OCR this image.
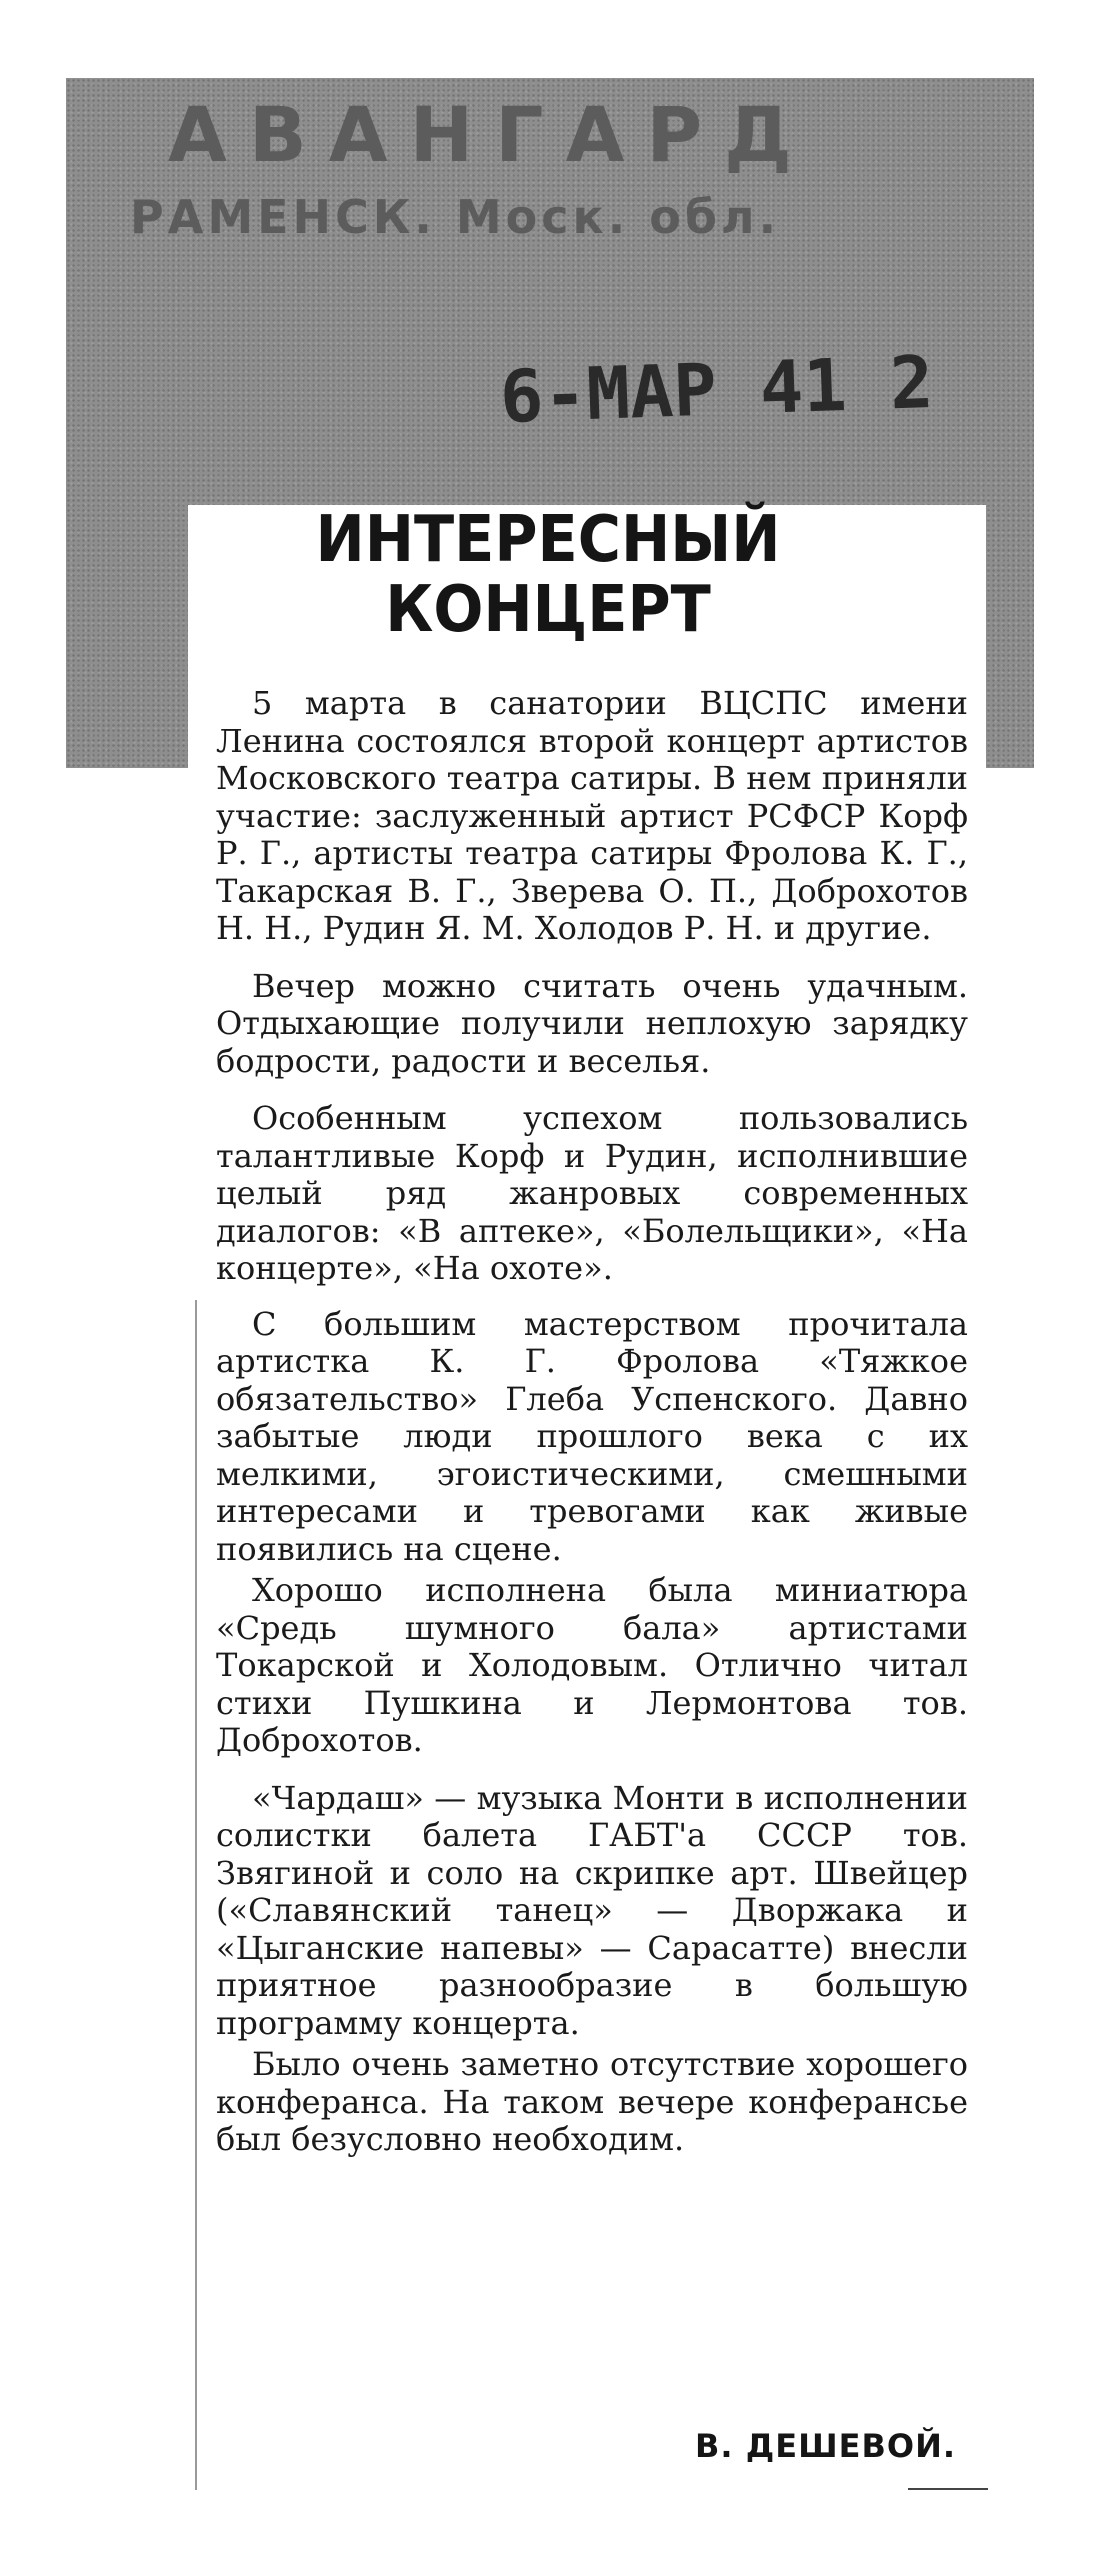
АВАНГАРД
РАМЕНСК. Моск. обл.
6-МАР 41 2
ИНТЕРЕСНЫЙ
КОНЦЕРТ

5 марта в санатории ВЦСПС имени Ленина состоялся второй концерт артистов Московского театра сатиры. В нем приняли участие: заслуженный артист РСФСР Корф Р. Г., артисты театра сатиры Фролова К. Г., Такарская В. Г., Зверева О. П., Доброхотов Н. Н., Рудин Я. М. Холодов Р. Н. и другие.

Вечер можно считать очень удачным. Отдыхающие получили неплохую зарядку бодрости, радости и веселья.

Особенным успехом пользовались талантливые Корф и Рудин, исполнившие целый ряд жанровых современных диалогов: «В аптеке», «Болельщики», «На концерте», «На охоте».

С большим мастерством прочитала артистка К. Г. Фролова «Тяжкое обязательство» Глеба Успенского. Давно забытые люди прошлого века с их мелкими, эгоистическими, смешными интересами и тревогами как живые появились на сцене.

Хорошо исполнена была миниатюра «Средь шумного бала» артистами Токарской и Холодовым. Отлично читал стихи Пушкина и Лермонтова тов. Доброхотов.

«Чардаш» — музыка Монти в исполнении солистки балета ГАБТ'а СССР тов. Звягиной и соло на скрипке арт. Швейцер («Славянский танец» — Дворжака и «Цыганские напевы» — Сарасатте) внесли приятное разнообразие в большую программу концерта.

Было очень заметно отсутствие хорошего конферанса. На таком вечере конферансье был безусловно необходим.

В. ДЕШЕВОЙ.
